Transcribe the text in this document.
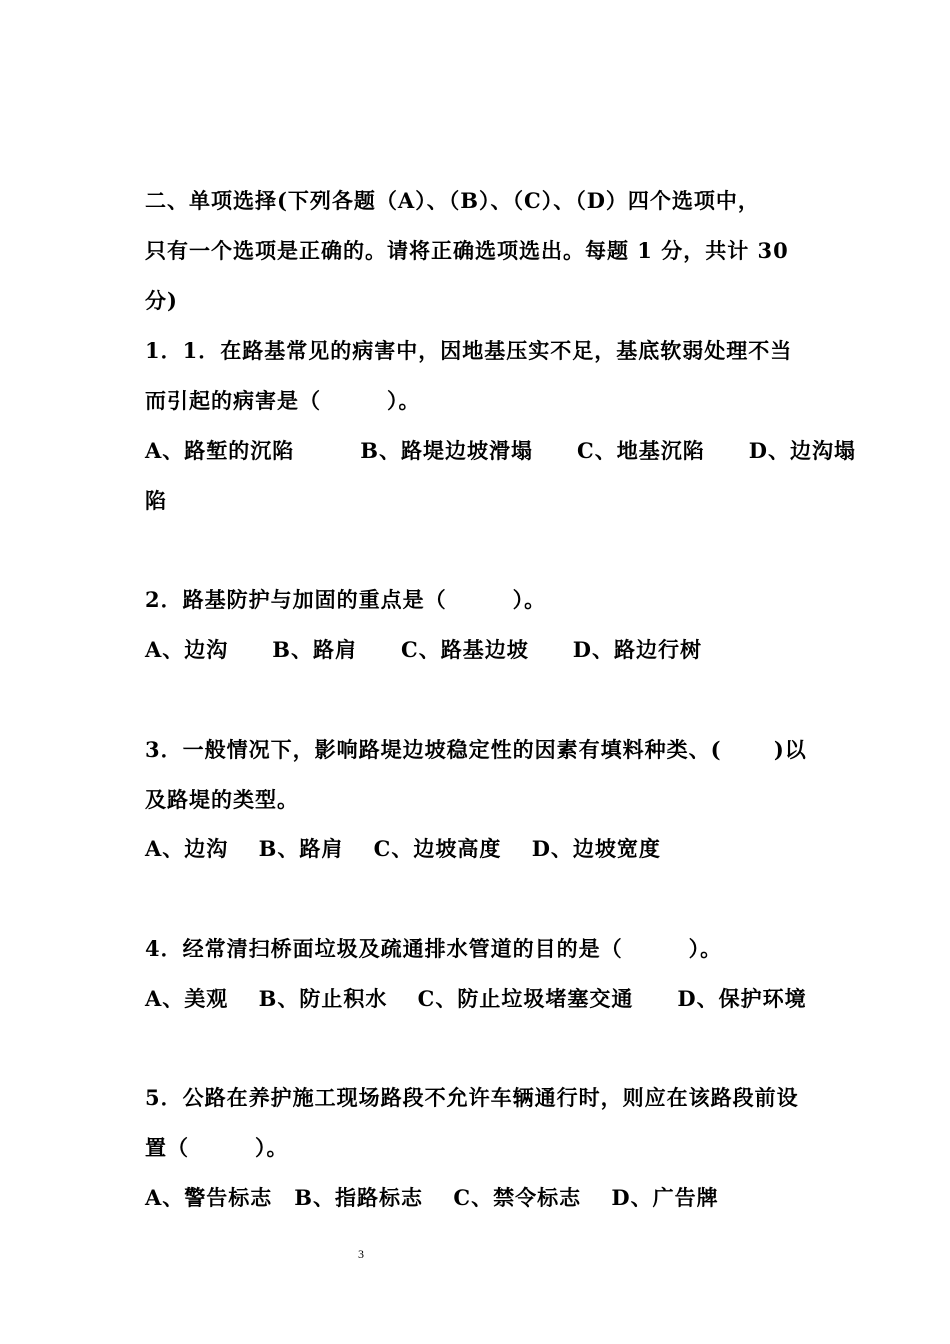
二、单项选择(下列各题（A）、（B）、（C）、（D）四个选项中，
只有一个选项是正确的。请将正确选项选出。每题 1 分，共计 30
分)
1．1．在路基常见的病害中，因地基压实不足，基底软弱处理不当
而引起的病害是（　　　）。
A、路堑的沉陷　　　B、路堤边坡滑塌　　C、地基沉陷　　D、边沟塌
陷
2．路基防护与加固的重点是（　　　）。
A、边沟　　B、路肩　　C、路基边坡　　D、路边行树
3．一般情况下，影响路堤边坡稳定性的因素有填料种类、(　　 )以
及路堤的类型。
A、边沟　 B、路肩　 C、边坡高度　 D、边坡宽度
4．经常清扫桥面垃圾及疏通排水管道的目的是（　　　）。
A、美观　 B、防止积水　 C、防止垃圾堵塞交通　　D、保护环境
5．公路在养护施工现场路段不允许车辆通行时，则应在该路段前设
置（　　　）。
A、警告标志　B、指路标志　 C、禁令标志　 D、广告牌
3
